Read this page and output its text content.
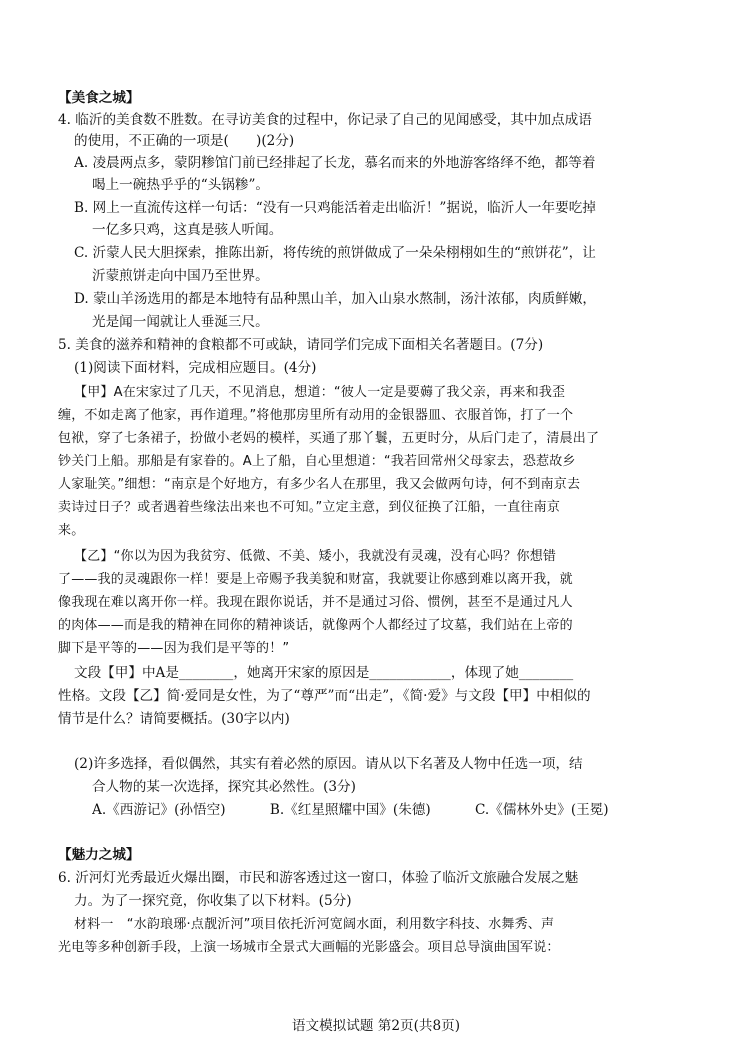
【美食之城】
4. 临沂的美食数不胜数。在寻访美食的过程中，你记录了自己的见闻感受，其中加点成语
的使用，不正确的一项是(　　)(2分)
A. 凌晨两点多，蒙阴糁馆门前已经排起了长龙，慕名而来的外地游客络绎不绝，都等着
喝上一碗热乎乎的“头锅糁”。
B. 网上一直流传这样一句话：“没有一只鸡能活着走出临沂！”据说，临沂人一年要吃掉
一亿多只鸡，这真是骇人听闻。
C. 沂蒙人民大胆探索，推陈出新，将传统的煎饼做成了一朵朵栩栩如生的“煎饼花”，让
沂蒙煎饼走向中国乃至世界。
D. 蒙山羊汤选用的都是本地特有品种黑山羊，加入山泉水熬制，汤汁浓郁，肉质鲜嫩，
光是闻一闻就让人垂涎三尺。
5. 美食的滋养和精神的食粮都不可或缺，请同学们完成下面相关名著题目。(7分)
(1)阅读下面材料，完成相应题目。(4分)
【甲】A在宋家过了几天，不见消息，想道：“彼人一定是要薅了我父亲，再来和我歪
缠，不如走离了他家，再作道理。”将他那房里所有动用的金银器皿、衣服首饰，打了一个
包袱，穿了七条裙子，扮做小老妈的模样，买通了那丫鬟，五更时分，从后门走了，清晨出了
钞关门上船。那船是有家眷的。A上了船，自心里想道：“我若回常州父母家去，恐惹故乡
人家耻笑。”细想：“南京是个好地方，有多少名人在那里，我又会做两句诗，何不到南京去
卖诗过日子？或者遇着些缘法出来也不可知。”立定主意，到仪征换了江船，一直往南京
来。
【乙】“你以为因为我贫穷、低微、不美、矮小，我就没有灵魂，没有心吗？你想错
了——我的灵魂跟你一样！要是上帝赐予我美貌和财富，我就要让你感到难以离开我，就
像我现在难以离开你一样。我现在跟你说话，并不是通过习俗、惯例，甚至不是通过凡人
的肉体——而是我的精神在同你的精神谈话，就像两个人都经过了坟墓，我们站在上帝的
脚下是平等的——因为我们是平等的！”
文段【甲】中A是________，她离开宋家的原因是____________，体现了她________
性格。文段【乙】简·爱同是女性，为了“尊严”而“出走”，《简·爱》与文段【甲】中相似的
情节是什么？请简要概括。(30字以内)
(2)许多选择，看似偶然，其实有着必然的原因。请从以下名著及人物中任选一项，结
合人物的某一次选择，探究其必然性。(3分)
A.《西游记》(孙悟空)	B.《红星照耀中国》(朱德)	C.《儒林外史》(王冕)
【魅力之城】
6. 沂河灯光秀最近火爆出圈，市民和游客透过这一窗口，体验了临沂文旅融合发展之魅
力。为了一探究竟，你收集了以下材料。(5分)
材料一　“水韵琅琊·点靓沂河”项目依托沂河宽阔水面，利用数字科技、水舞秀、声
光电等多种创新手段，上演一场城市全景式大画幅的光影盛会。项目总导演曲国军说：
语文模拟试题 第2页(共8页)
